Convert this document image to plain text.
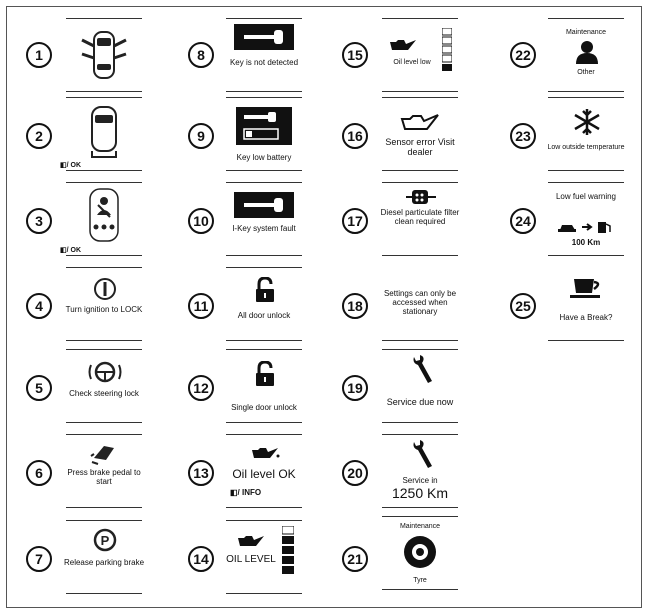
1
2
◧/ OK
3
◧/ OK
4	Turn ignition to LOCK
5	Check steering lock
6	Press brake pedal to start
7
P
Release parking brake
8	Key is not detected
9
Key low battery
10	I-Key system fault
11
All door unlock
12
Single door unlock
13	Oil level OK
◧/ INFO
14	OIL LEVEL
15	Oil level low
16	Sensor error Visit dealer
17
Diesel particulate filter clean required
18
Settings can only be accessed when stationary
19
Service due now
20	Service in
1250 Km
21
Maintenance
Tyre
22
Maintenance
Other
23
Low outside temperature
24
Low fuel warning
100 Km
25
Have a Break?
